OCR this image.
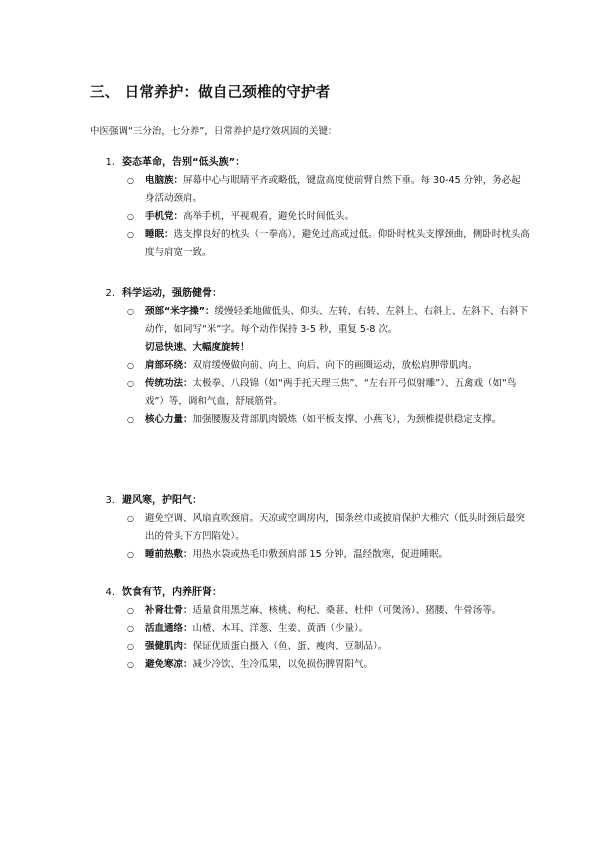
三、 日常养护：做自己颈椎的守护者

中医强调“三分治，七分养”，日常养护是疗效巩固的关键：

1. 姿态革命，告别“低头族”：
○ 电脑族：屏幕中心与眼睛平齐或略低，键盘高度使前臂自然下垂。每 30-45 分钟，务必起身活动颈肩。
○ 手机党：高举手机，平视观看，避免长时间低头。
○ 睡眠：选支撑良好的枕头（一拳高），避免过高或过低。仰卧时枕头支撑颈曲，侧卧时枕头高度与肩宽一致。
2. 科学运动，强筋健骨：
○ 颈部“米字操”：缓慢轻柔地做低头、仰头、左转、右转、左斜上、右斜上、左斜下、右斜下动作，如同写“米”字。每个动作保持 3-5 秒，重复 5-8 次。
切忌快速、大幅度旋转！
○ 肩部环绕：双肩缓慢做向前、向上、向后、向下的画圈运动，放松肩胛带肌肉。
○ 传统功法：太极拳、八段锦（如“两手托天理三焦”、“左右开弓似射雕”）、五禽戏（如“鸟戏”）等，调和气血，舒展筋骨。
○ 核心力量：加强腰腹及背部肌肉锻炼（如平板支撑、小燕飞），为颈椎提供稳定支撑。
3. 避风寒，护阳气：
○ 避免空调、风扇直吹颈肩。天凉或空调房内，围条丝巾或披肩保护大椎穴（低头时颈后最突出的骨头下方凹陷处）。
○ 睡前热敷：用热水袋或热毛巾敷颈肩部 15 分钟，温经散寒，促进睡眠。
4. 饮食有节，内养肝肾：
○ 补肾壮骨：适量食用黑芝麻、核桃、枸杞、桑葚、杜仲（可煲汤）、猪腰、牛骨汤等。
○ 活血通络：山楂、木耳、洋葱、生姜、黄酒（少量）。
○ 强健肌肉：保证优质蛋白摄入（鱼、蛋、瘦肉、豆制品）。
○ 避免寒凉：减少冷饮、生冷瓜果，以免损伤脾胃阳气。
